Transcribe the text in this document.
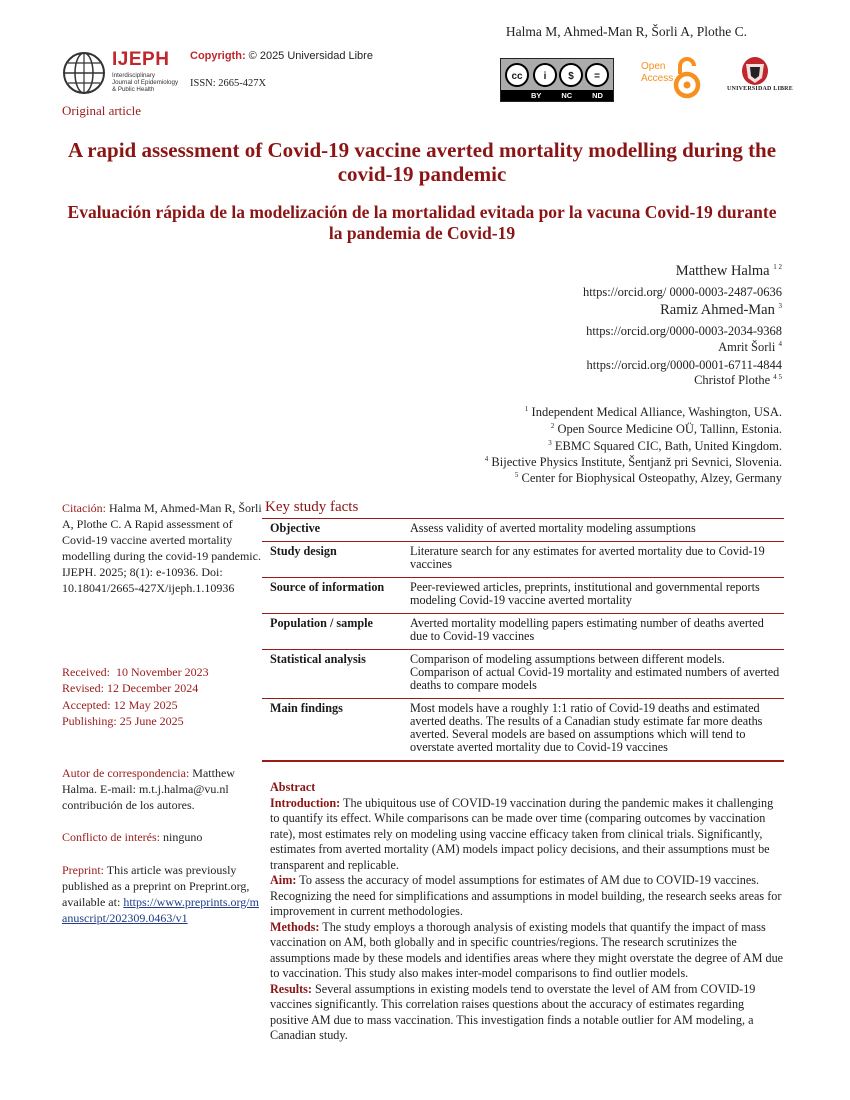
Halma M, Ahmed-Man R, Šorli A, Plothe C.
IJEPH
Interdisciplinary
Journal of Epidemiology
& Public Health
Copyrigth: © 2025 Universidad Libre
ISSN: 2665-427X
cc	i	$	=
BY	NC	ND
Open
Access
UNIVERSIDAD LIBRE
Original article
A rapid assessment of Covid-19 vaccine averted mortality modelling during the covid-19 pandemic
Evaluación rápida de la modelización de la mortalidad evitada por la vacuna Covid-19 durante la pandemia de Covid-19
Matthew Halma $^{1 2}$
https://orcid.org/ 0000-0003-2487-0636
Ramiz Ahmed-Man $^3$
https://orcid.org/0000-0003-2034-9368
Amrit Šorli $^4$
https://orcid.org/0000-0001-6711-4844
Christof Plothe $^{4 5}$
$^1$ Independent Medical Alliance, Washington, USA.
$^2$ Open Source Medicine OÜ, Tallinn, Estonia.
$^3$ EBMC Squared CIC, Bath, United Kingdom.
$^4$ Bijective Physics Institute, Šentjanž pri Sevnici, Slovenia.
$^5$ Center for Biophysical Osteopathy, Alzey, Germany
Citación: Halma M, Ahmed-Man R, Šorli A, Plothe C. A Rapid assessment of Covid-19 vaccine averted mortality modelling during the covid-19 pandemic. IJEPH. 2025; 8(1): e-10936. Doi: 10.18041/2665-427X/ijeph.1.10936
Received: 10 November 2023
Revised: 12 December 2024
Accepted: 12 May 2025
Publishing: 25 June 2025
Autor de correspondencia: Matthew Halma. E-mail: m.t.j.halma@vu.nl contribución de los autores.
Conflicto de interés: ninguno
Preprint: This article was previously published as a preprint on Preprint.org, available at: https://www.preprints.org/manuscript/202309.0463/v1
Key study facts
Objective	Assess validity of averted mortality modeling assumptions
Study design	Literature search for any estimates for averted mortality due to Covid-19 vaccines
Source of information	Peer-reviewed articles, preprints, institutional and governmental reports modeling Covid-19 vaccine averted mortality
Population / sample	Averted mortality modelling papers estimating number of deaths averted due to Covid-19 vaccines
Statistical analysis	Comparison of modeling assumptions between different models. Comparison of actual Covid-19 mortality and estimated numbers of averted deaths to compare models
Main findings	Most models have a roughly 1:1 ratio of Covid-19 deaths and estimated averted deaths. The results of a Canadian study estimate far more deaths averted. Several models are based on assumptions which will tend to overstate averted mortality due to Covid-19 vaccines

Abstract

Introduction: The ubiquitous use of COVID-19 vaccination during the pandemic makes it challenging to quantify its effect. While comparisons can be made over time (comparing outcomes by vaccination rate), most estimates rely on modeling using vaccine efficacy taken from clinical trials. Significantly, estimates from averted mortality (AM) models impact policy decisions, and their assumptions must be transparent and replicable.

Aim: To assess the accuracy of model assumptions for estimates of AM due to COVID-19 vaccines. Recognizing the need for simplifications and assumptions in model building, the research seeks areas for improvement in current methodologies.

Methods: The study employs a thorough analysis of existing models that quantify the impact of mass vaccination on AM, both globally and in specific countries/regions. The research scrutinizes the assumptions made by these models and identifies areas where they might overstate the degree of AM due to vaccination. This study also makes inter-model comparisons to find outlier models.

Results: Several assumptions in existing models tend to overstate the level of AM from COVID-19 vaccines significantly. This correlation raises questions about the accuracy of estimates regarding positive AM due to mass vaccination. This investigation finds a notable outlier for AM modeling, a Canadian study.
